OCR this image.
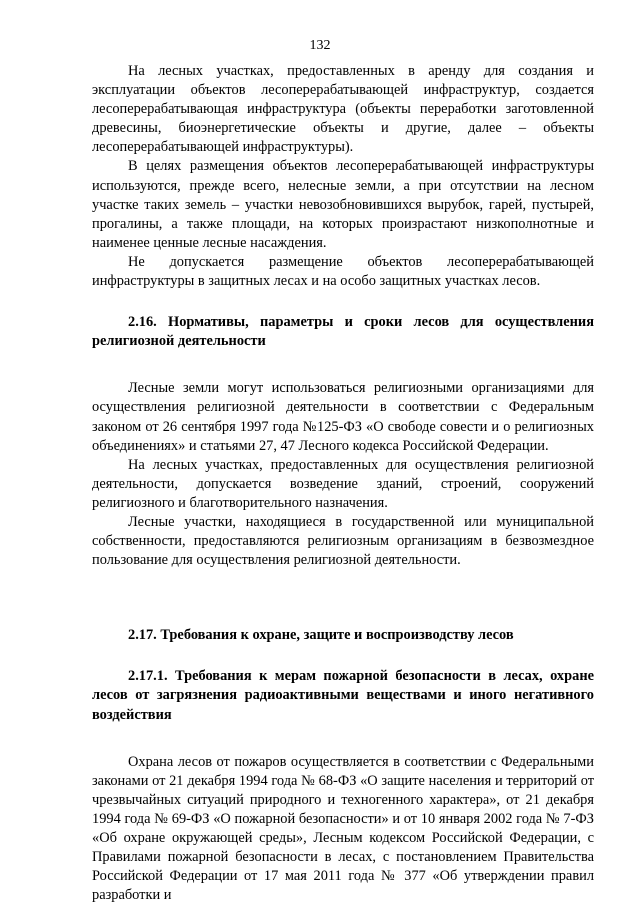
132

На лесных участках, предоставленных в аренду для создания и эксплуатации объектов лесоперерабатывающей инфраструктур, создается лесоперерабатывающая инфраструктура (объекты переработки заготовленной древесины, биоэнергетические объекты и другие, далее – объекты лесоперерабатывающей инфраструктуры).

В целях размещения объектов лесоперерабатывающей инфраструктуры используются, прежде всего, нелесные земли, а при отсутствии на лесном участке таких земель – участки невозобновившихся вырубок, гарей, пустырей, прогалины, а также площади, на которых произрастают низкополнотные и наименее ценные лесные насаждения.

Не допускается размещение объектов лесоперерабатывающей инфраструктуры в защитных лесах и на особо защитных участках лесов.

2.16. Нормативы, параметры и сроки лесов для осуществления религиозной деятельности

Лесные земли могут использоваться религиозными организациями для осуществления религиозной деятельности в соответствии с Федеральным законом от 26 сентября 1997 года №125-ФЗ «О свободе совести и о религиозных объединениях» и статьями 27, 47 Лесного кодекса Российской Федерации.

На лесных участках, предоставленных для осуществления религиозной деятельности, допускается возведение зданий, строений, сооружений религиозного и благотворительного назначения.

Лесные участки, находящиеся в государственной или муниципальной собственности, предоставляются религиозным организациям в безвозмездное пользование для осуществления религиозной деятельности.

2.17. Требования к охране, защите и воспроизводству лесов
2.17.1. Требования к мерам пожарной безопасности в лесах, охране лесов от загрязнения радиоактивными веществами и иного негативного воздействия

Охрана лесов от пожаров осуществляется в соответствии с Федеральными законами от 21 декабря 1994 года № 68-ФЗ «О защите населения и территорий от чрезвычайных ситуаций природного и техногенного характера», от 21 декабря 1994 года № 69-ФЗ «О пожарной безопасности» и от 10 января 2002 года № 7-ФЗ «Об охране окружающей среды», Лесным кодексом Российской Федерации, с Правилами пожарной безопасности в лесах, с постановлением Правительства Российской Федерации от 17 мая 2011 года № 377 «Об утверждении правил разработки и
